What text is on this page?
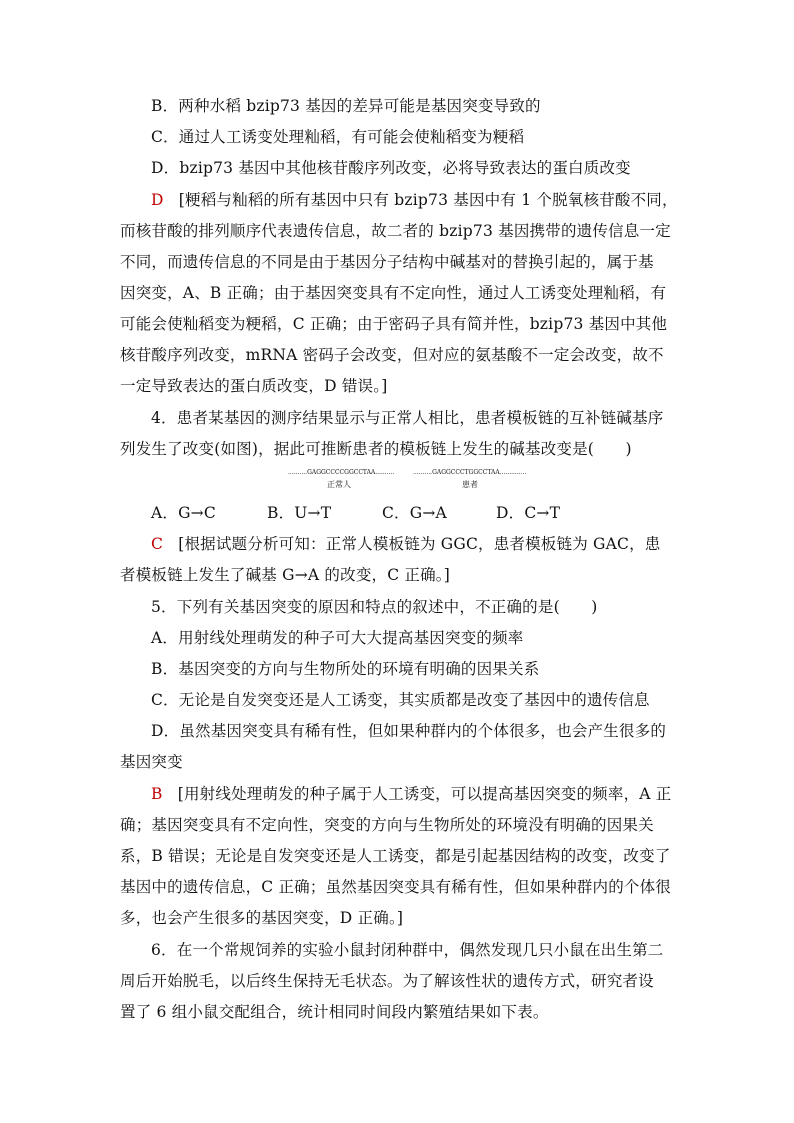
B．两种水稻 bzip73 基因的差异可能是基因突变导致的
C．通过人工诱变处理籼稻，有可能会使籼稻变为粳稻
D．bzip73 基因中其他核苷酸序列改变，必将导致表达的蛋白质改变
D [粳稻与籼稻的所有基因中只有 bzip73 基因中有 1 个脱氧核苷酸不同，
而核苷酸的排列顺序代表遗传信息，故二者的 bzip73 基因携带的遗传信息一定
不同，而遗传信息的不同是由于基因分子结构中碱基对的替换引起的，属于基
因突变，A、B 正确；由于基因突变具有不定向性，通过人工诱变处理籼稻，有
可能会使籼稻变为粳稻，C 正确；由于密码子具有简并性，bzip73 基因中其他
核苷酸序列改变，mRNA 密码子会改变，但对应的氨基酸不一定会改变，故不
一定导致表达的蛋白质改变，D 错误。]
4．患者某基因的测序结果显示与正常人相比，患者模板链的互补链碱基序
列发生了改变(如图)，据此可推断患者的模板链上发生的碱基改变是(　　)
..........GAGGCCCCGGCCTAA..........
正常人
..........GAGGCCCTGGCCTAA..............
患者
A．G→C	B．U→T	C．G→A	D．C→T
C [根据试题分析可知：正常人模板链为 GGC，患者模板链为 GAC，患
者模板链上发生了碱基 G→A 的改变，C 正确。]
5．下列有关基因突变的原因和特点的叙述中，不正确的是(　　)
A．用射线处理萌发的种子可大大提高基因突变的频率
B．基因突变的方向与生物所处的环境有明确的因果关系
C．无论是自发突变还是人工诱变，其实质都是改变了基因中的遗传信息
D．虽然基因突变具有稀有性，但如果种群内的个体很多，也会产生很多的
基因突变
B [用射线处理萌发的种子属于人工诱变，可以提高基因突变的频率，A 正
确；基因突变具有不定向性，突变的方向与生物所处的环境没有明确的因果关
系，B 错误；无论是自发突变还是人工诱变，都是引起基因结构的改变，改变了
基因中的遗传信息，C 正确；虽然基因突变具有稀有性，但如果种群内的个体很
多，也会产生很多的基因突变，D 正确。]
6．在一个常规饲养的实验小鼠封闭种群中，偶然发现几只小鼠在出生第二
周后开始脱毛，以后终生保持无毛状态。为了解该性状的遗传方式，研究者设
置了 6 组小鼠交配组合，统计相同时间段内繁殖结果如下表。
